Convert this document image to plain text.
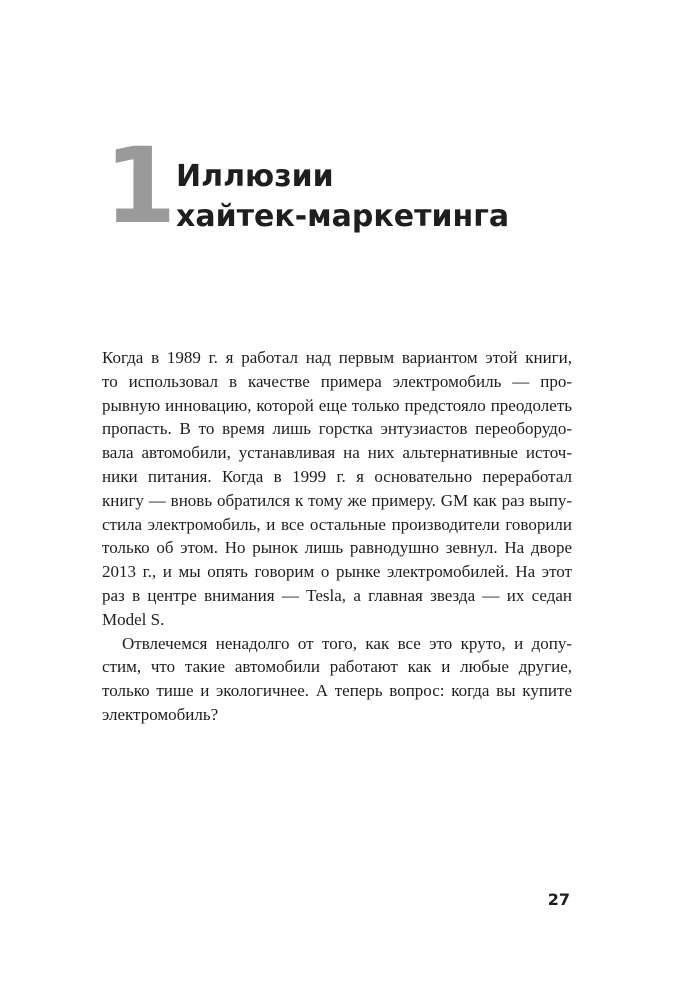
1 Иллюзии
хайтек-маркетинга
Когда в 1989 г. я работал над первым вариантом этой книги,
то использовал в качестве примера электромобиль — про-
рывную инновацию, которой еще только предстояло преодолеть
пропасть. В то время лишь горстка энтузиастов переоборудо-
вала автомобили, устанавливая на них альтернативные источ-
ники питания. Когда в 1999 г. я основательно переработал
книгу — вновь обратился к тому же примеру. GM как раз выпу-
стила электромобиль, и все остальные производители говорили
только об этом. Но рынок лишь равнодушно зевнул. На дворе
2013 г., и мы опять говорим о рынке электромобилей. На этот
раз в центре внимания — Tesla, а главная звезда — их седан
Model S.
Отвлечемся ненадолго от того, как все это круто, и допу-
стим, что такие автомобили работают как и любые другие,
только тише и экологичнее. А теперь вопрос: когда вы купите
электромобиль?
27
